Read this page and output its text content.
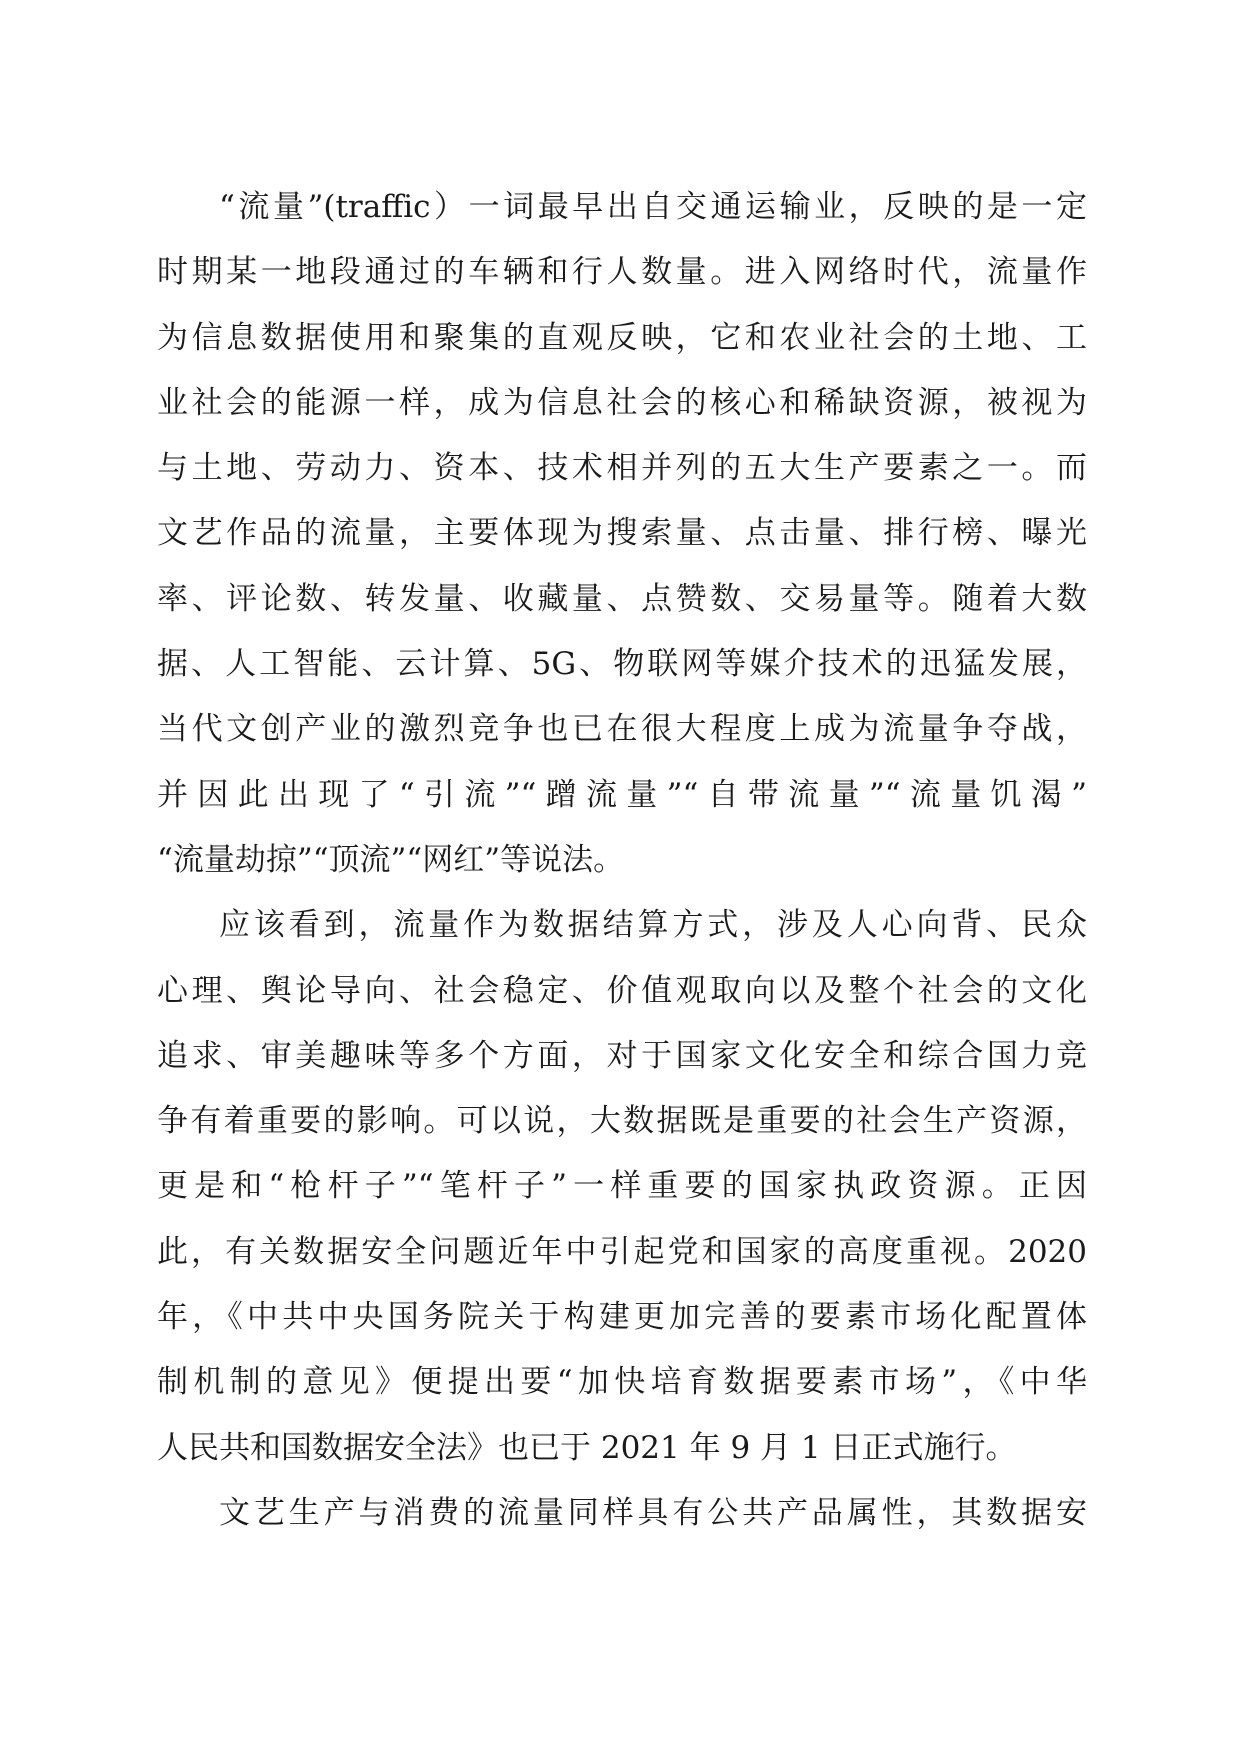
“流量”(traffic）一词最早出自交通运输业，反映的是一定
时期某一地段通过的车辆和行人数量。进入网络时代，流量作
为信息数据使用和聚集的直观反映，它和农业社会的土地、工
业社会的能源一样，成为信息社会的核心和稀缺资源，被视为
与土地、劳动力、资本、技术相并列的五大生产要素之一。而
文艺作品的流量，主要体现为搜索量、点击量、排行榜、曝光
率、评论数、转发量、收藏量、点赞数、交易量等。随着大数
据、人工智能、云计算、5G、物联网等媒介技术的迅猛发展，
当代文创产业的激烈竞争也已在很大程度上成为流量争夺战，
并因此出现了“引流”“蹭流量”“自带流量”“流量饥渴”
“流量劫掠”“顶流”“网红”等说法。
应该看到，流量作为数据结算方式，涉及人心向背、民众
心理、舆论导向、社会稳定、价值观取向以及整个社会的文化
追求、审美趣味等多个方面，对于国家文化安全和综合国力竞
争有着重要的影响。可以说，大数据既是重要的社会生产资源，
更是和“枪杆子”“笔杆子”一样重要的国家执政资源。正因
此，有关数据安全问题近年中引起党和国家的高度重视。2020
年，《中共中央国务院关于构建更加完善的要素市场化配置体
制机制的意见》便提出要“加快培育数据要素市场”，《中华
人民共和国数据安全法》也已于 2021 年 9 月 1 日正式施行。
文艺生产与消费的流量同样具有公共产品属性，其数据安
